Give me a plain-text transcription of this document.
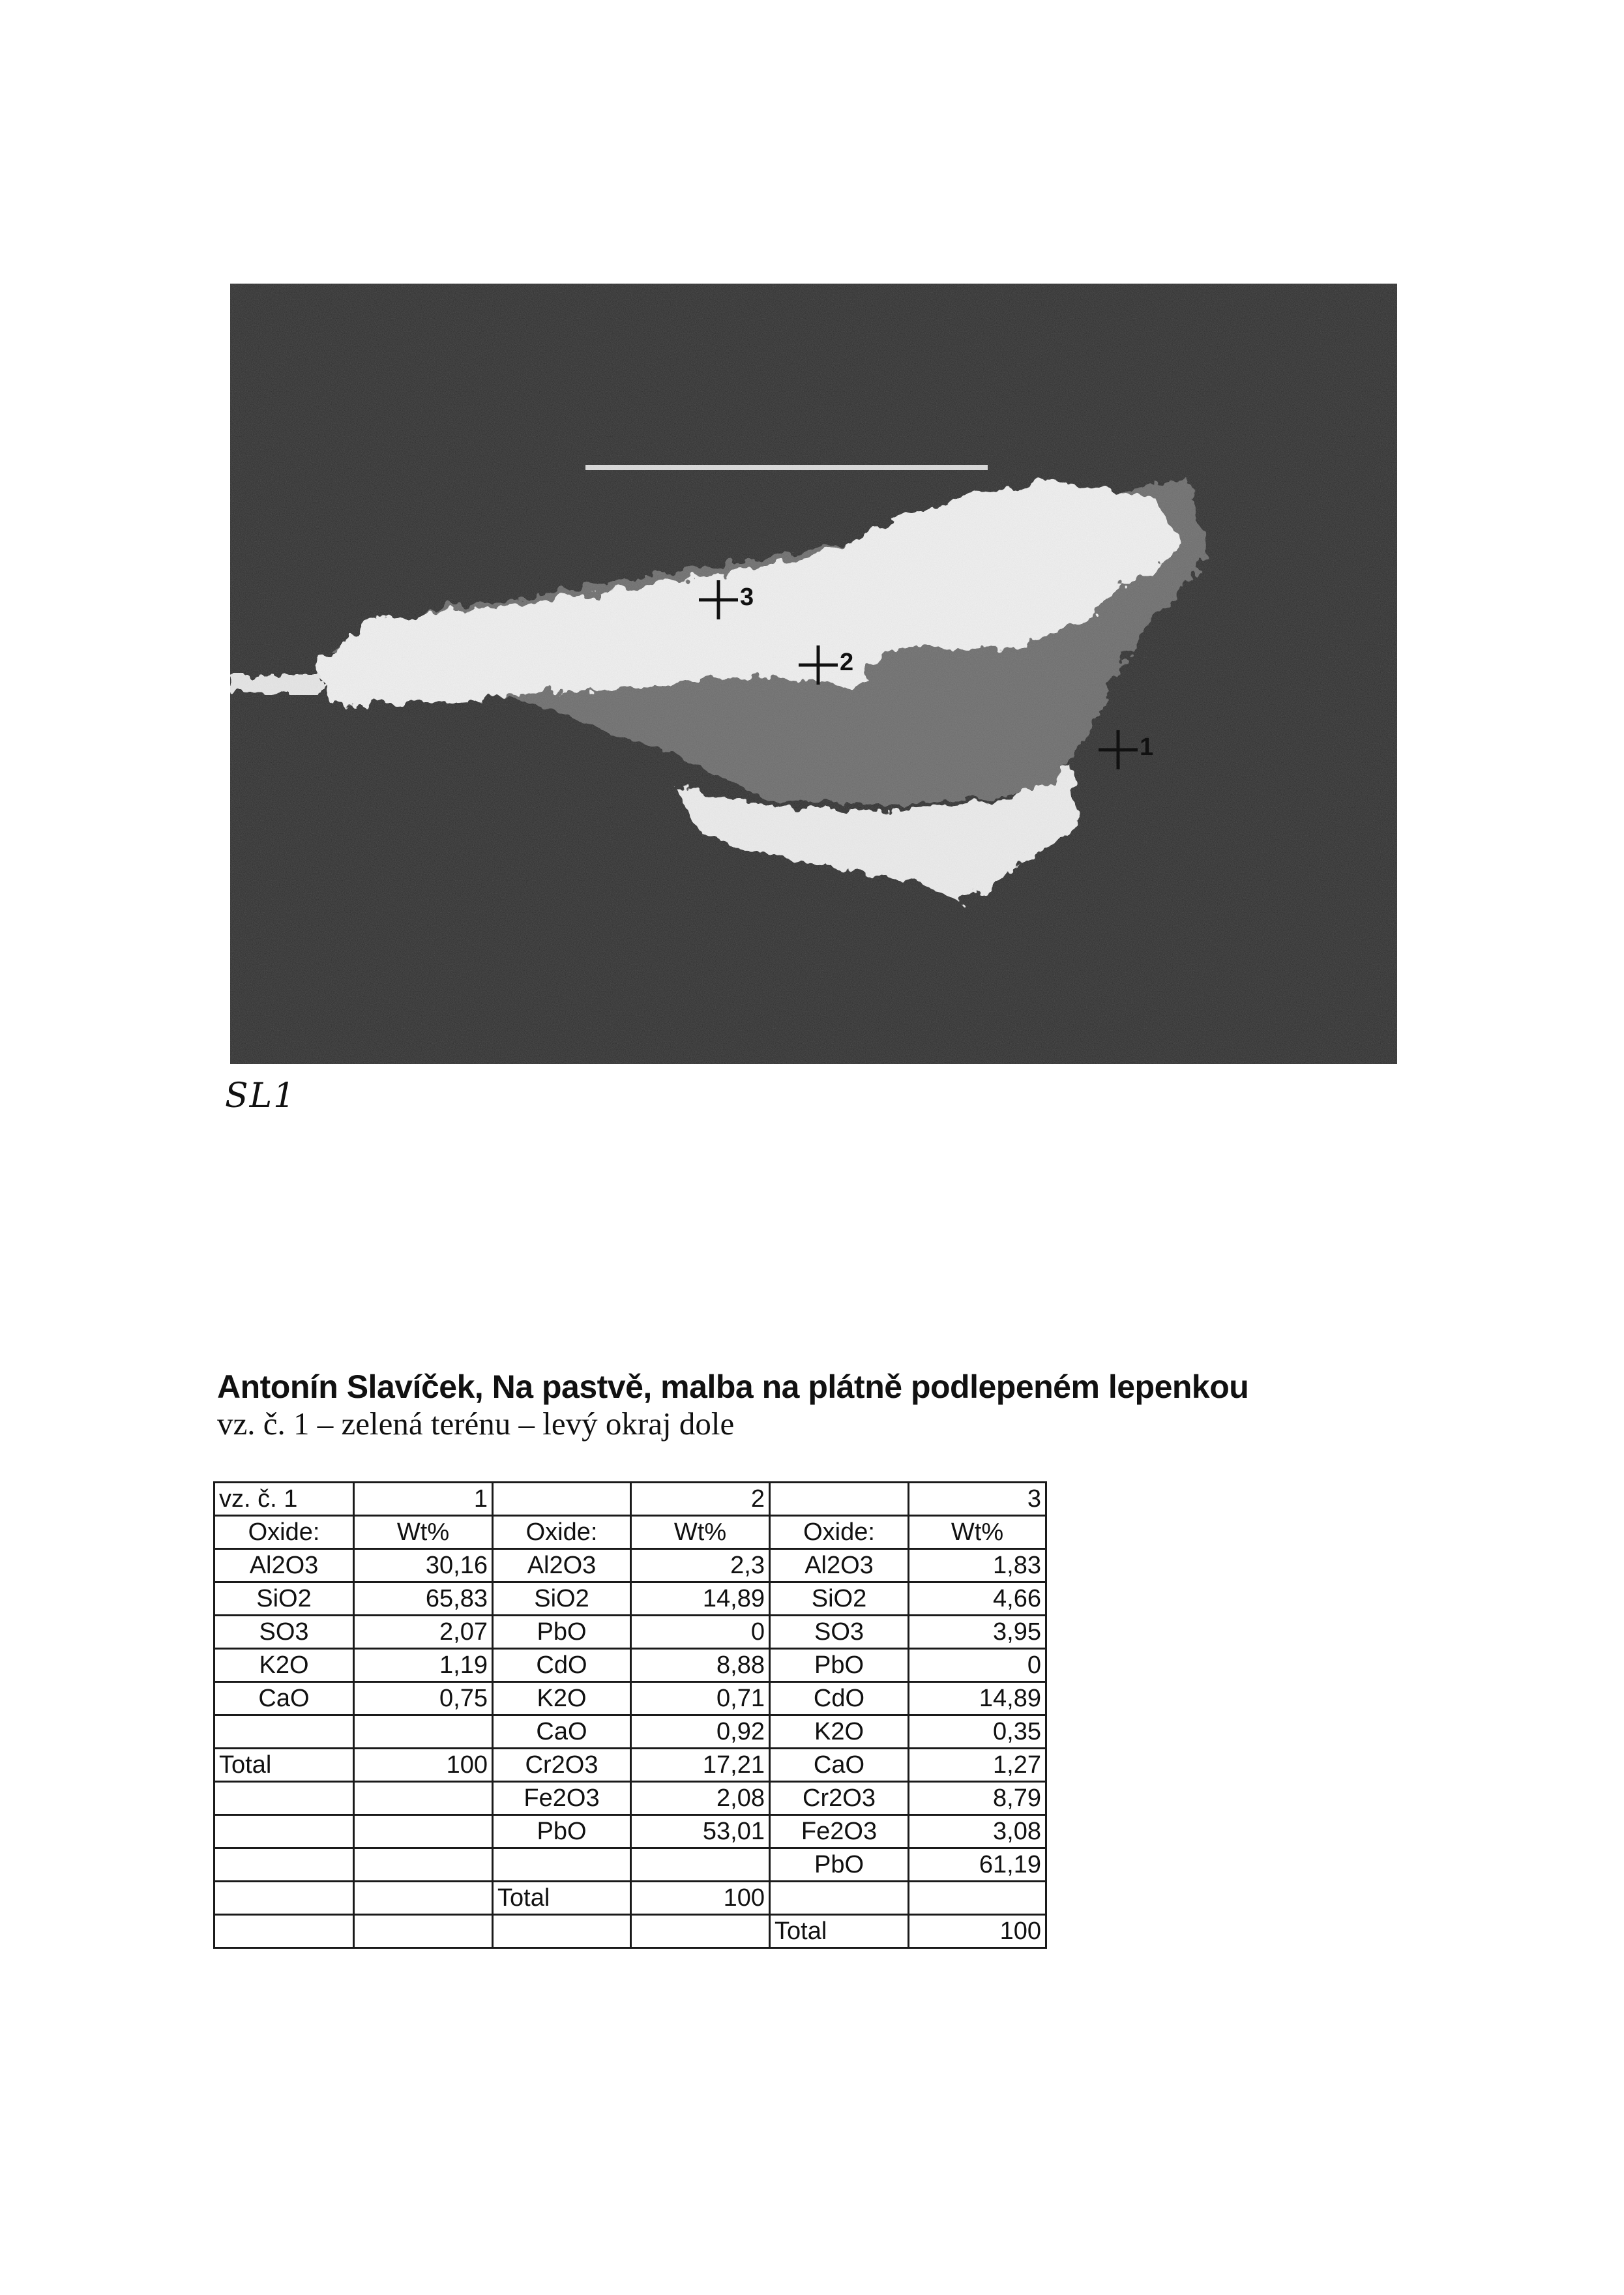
3
2
1
SL1
Antonín Slavíček, Na pastvě, malba na plátně podlepeném lepenkou
vz. č. 1 – zelená terénu – levý okraj dole
vz. č. 1	1		2		3
Oxide:	Wt%	Oxide:	Wt%	Oxide:	Wt%
Al2O3	30,16	Al2O3	2,3	Al2O3	1,83
SiO2	65,83	SiO2	14,89	SiO2	4,66
SO3	2,07	PbO	0	SO3	3,95
K2O	1,19	CdO	8,88	PbO	0
CaO	0,75	K2O	0,71	CdO	14,89
		CaO	0,92	K2O	0,35
Total	100	Cr2O3	17,21	CaO	1,27
		Fe2O3	2,08	Cr2O3	8,79
		PbO	53,01	Fe2O3	3,08
				PbO	61,19
		Total	100		
				Total	100
